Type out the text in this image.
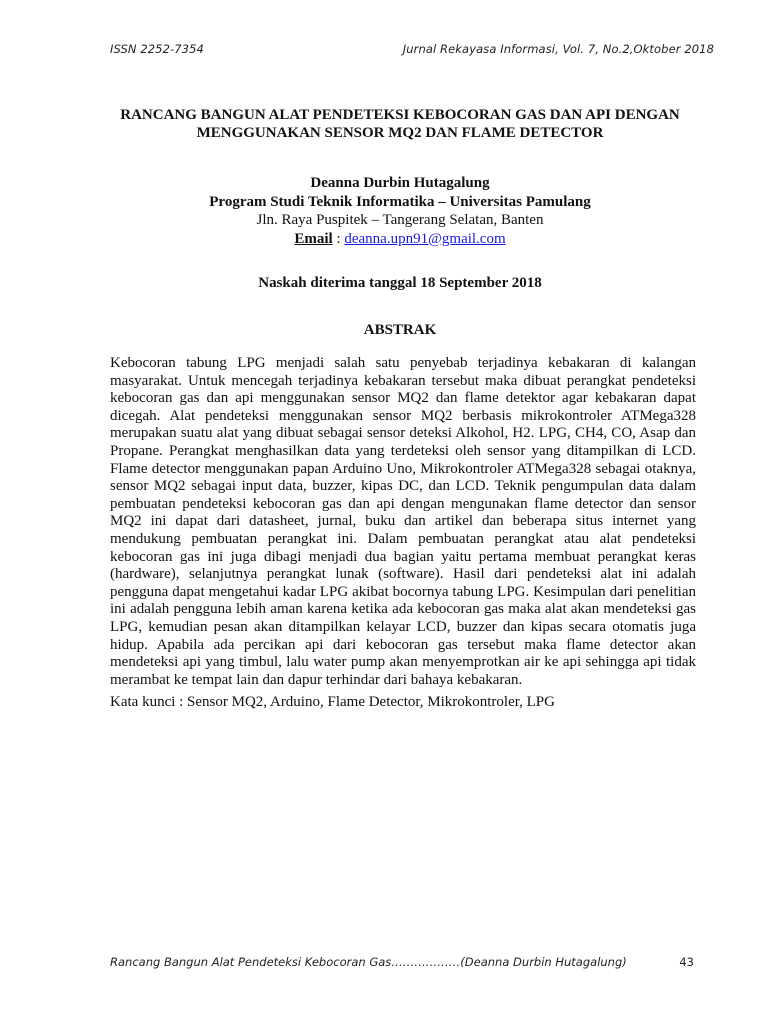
ISSN 2252-7354	Jurnal Rekayasa Informasi, Vol. 7, No.2,Oktober 2018
RANCANG BANGUN ALAT PENDETEKSI KEBOCORAN GAS DAN API DENGAN
MENGGUNAKAN SENSOR MQ2 DAN FLAME DETECTOR
Deanna Durbin Hutagalung
Program Studi Teknik Informatika – Universitas Pamulang
Jln. Raya Puspitek – Tangerang Selatan, Banten
Email : deanna.upn91@gmail.com
Naskah diterima tanggal 18 September 2018
ABSTRAK

Kebocoran tabung LPG menjadi salah satu penyebab terjadinya kebakaran di kalangan masyarakat. Untuk mencegah terjadinya kebakaran tersebut maka dibuat perangkat pendeteksi kebocoran gas dan api menggunakan sensor MQ2 dan flame detektor agar kebakaran dapat dicegah. Alat pendeteksi menggunakan sensor MQ2 berbasis mikrokontroler ATMega328 merupakan suatu alat yang dibuat sebagai sensor deteksi Alkohol, H2. LPG, CH4, CO, Asap dan Propane. Perangkat menghasilkan data yang terdeteksi oleh sensor yang ditampilkan di LCD. Flame detector menggunakan papan Arduino Uno, Mikrokontroler ATMega328 sebagai otaknya, sensor MQ2 sebagai input data, buzzer, kipas DC, dan LCD. Teknik pengumpulan data dalam pembuatan pendeteksi kebocoran gas dan api dengan mengunakan flame detector dan sensor MQ2 ini dapat dari datasheet, jurnal, buku dan artikel dan beberapa situs internet yang mendukung pembuatan perangkat ini. Dalam pembuatan perangkat atau alat pendeteksi kebocoran gas ini juga dibagi menjadi dua bagian yaitu pertama membuat perangkat keras (hardware), selanjutnya perangkat lunak (software). Hasil dari pendeteksi alat ini adalah pengguna dapat mengetahui kadar LPG akibat bocornya tabung LPG. Kesimpulan dari penelitian ini adalah pengguna lebih aman karena ketika ada kebocoran gas maka alat akan mendeteksi gas LPG, kemudian pesan akan ditampilkan kelayar LCD, buzzer dan kipas secara otomatis juga hidup. Apabila ada percikan api dari kebocoran gas tersebut maka flame detector akan mendeteksi api yang timbul, lalu water pump akan menyemprotkan air ke api sehingga api tidak merambat ke tempat lain dan dapur terhindar dari bahaya kebakaran.

Kata kunci : Sensor MQ2, Arduino, Flame Detector, Mikrokontroler, LPG

Rancang Bangun Alat Pendeteksi Kebocoran Gas………………(Deanna Durbin Hutagalung)	43
